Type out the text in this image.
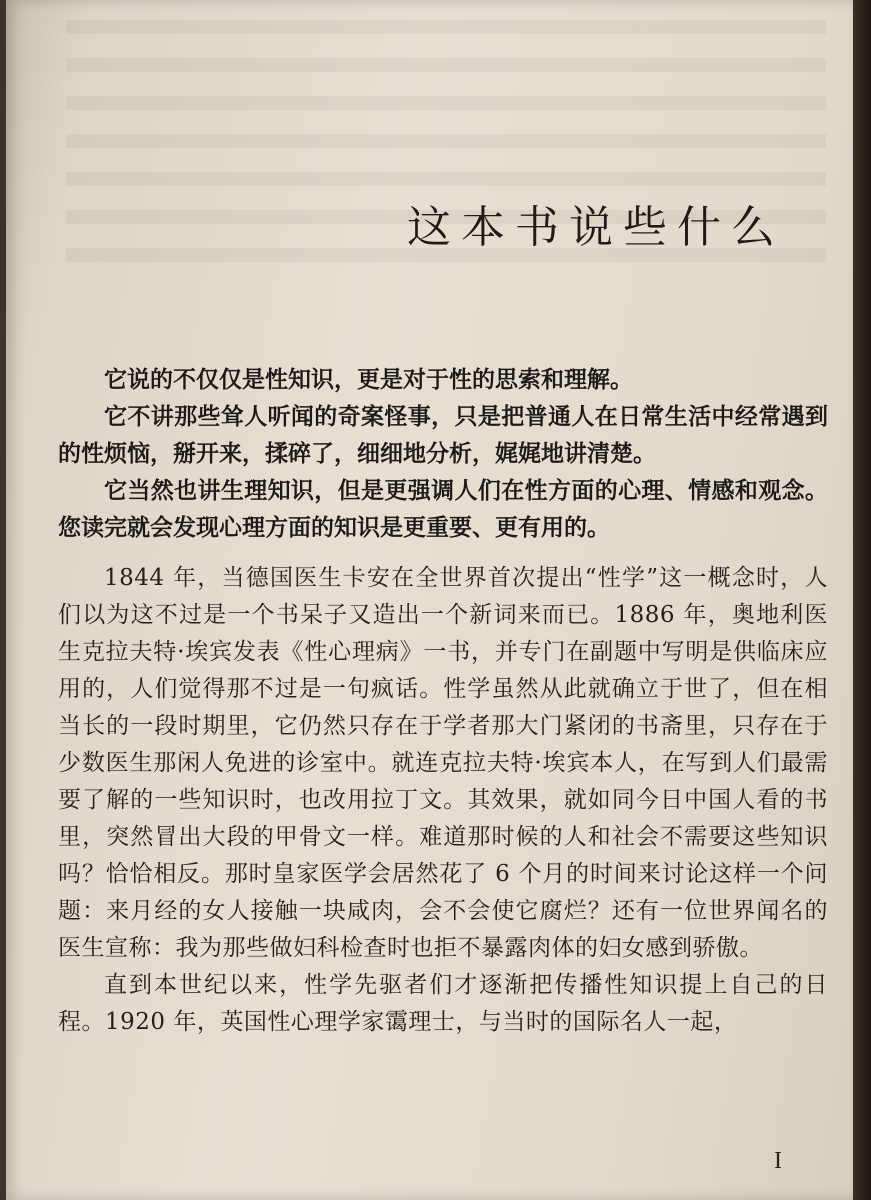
这本书说些什么

它说的不仅仅是性知识，更是对于性的思索和理解。

它不讲那些耸人听闻的奇案怪事，只是把普通人在日常生活中经常遇到的性烦恼，掰开来，揉碎了，细细地分析，娓娓地讲清楚。

它当然也讲生理知识，但是更强调人们在性方面的心理、情感和观念。您读完就会发现心理方面的知识是更重要、更有用的。

1844 年，当德国医生卡安在全世界首次提出“性学”这一概念时，人们以为这不过是一个书呆子又造出一个新词来而已。1886 年，奥地利医生克拉夫特·埃宾发表《性心理病》一书，并专门在副题中写明是供临床应用的，人们觉得那不过是一句疯话。性学虽然从此就确立于世了，但在相当长的一段时期里，它仍然只存在于学者那大门紧闭的书斋里，只存在于少数医生那闲人免进的诊室中。就连克拉夫特·埃宾本人，在写到人们最需要了解的一些知识时，也改用拉丁文。其效果，就如同今日中国人看的书里，突然冒出大段的甲骨文一样。难道那时候的人和社会不需要这些知识吗？恰恰相反。那时皇家医学会居然花了 6 个月的时间来讨论这样一个问题：来月经的女人接触一块咸肉，会不会使它腐烂？还有一位世界闻名的医生宣称：我为那些做妇科检查时也拒不暴露肉体的妇女感到骄傲。

直到本世纪以来，性学先驱者们才逐渐把传播性知识提上自己的日程。1920 年，英国性心理学家霭理士，与当时的国际名人一起，

I
